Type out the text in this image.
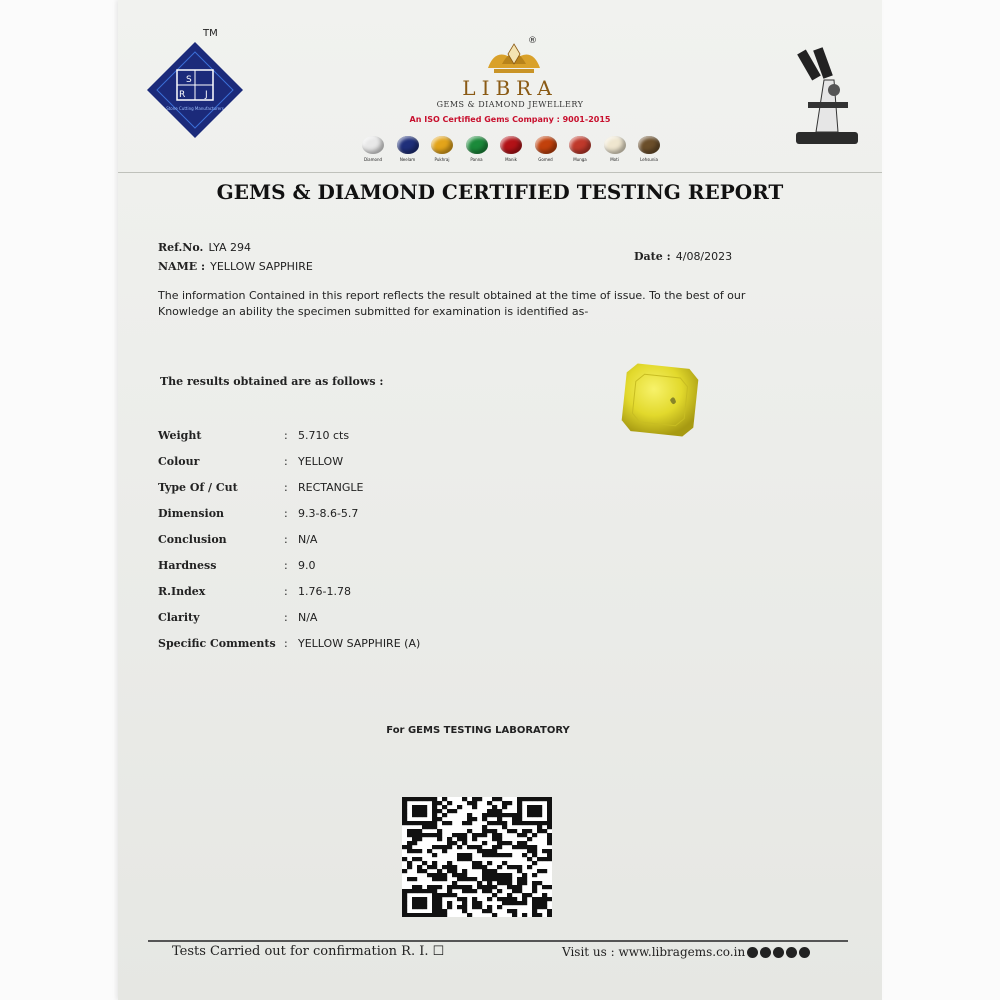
S
R J
Stone Cutting Manufacturers
TM
®
LIBRA
GEMS & DIAMOND JEWELLERY
An ISO Certified Gems Company : 9001-2015
Diamond	Neelam	Pukhraj	Panna	Manik	Gomed	Munga	Moti	Lehsunia
GEMS & DIAMOND CERTIFIED TESTING REPORT
Ref.No. LYA 294
NAME : YELLOW SAPPHIRE
Date : 4/08/2023
The information Contained in this report reflects the result obtained at the time of issue. To the best of our
Knowledge an ability the specimen submitted for examination is identified as-
The results obtained are as follows :
Weight	: 5.710 cts
Colour	: YELLOW
Type Of / Cut	: RECTANGLE
Dimension	: 9.3-8.6-5.7
Conclusion	: N/A
Hardness	: 9.0
R.Index	: 1.76-1.78
Clarity	: N/A
Specific Comments : YELLOW SAPPHIRE (A)
For GEMS TESTING LABORATORY
Tests Carried out for confirmation R. I. ☐	Visit us : www.libragems.co.in
